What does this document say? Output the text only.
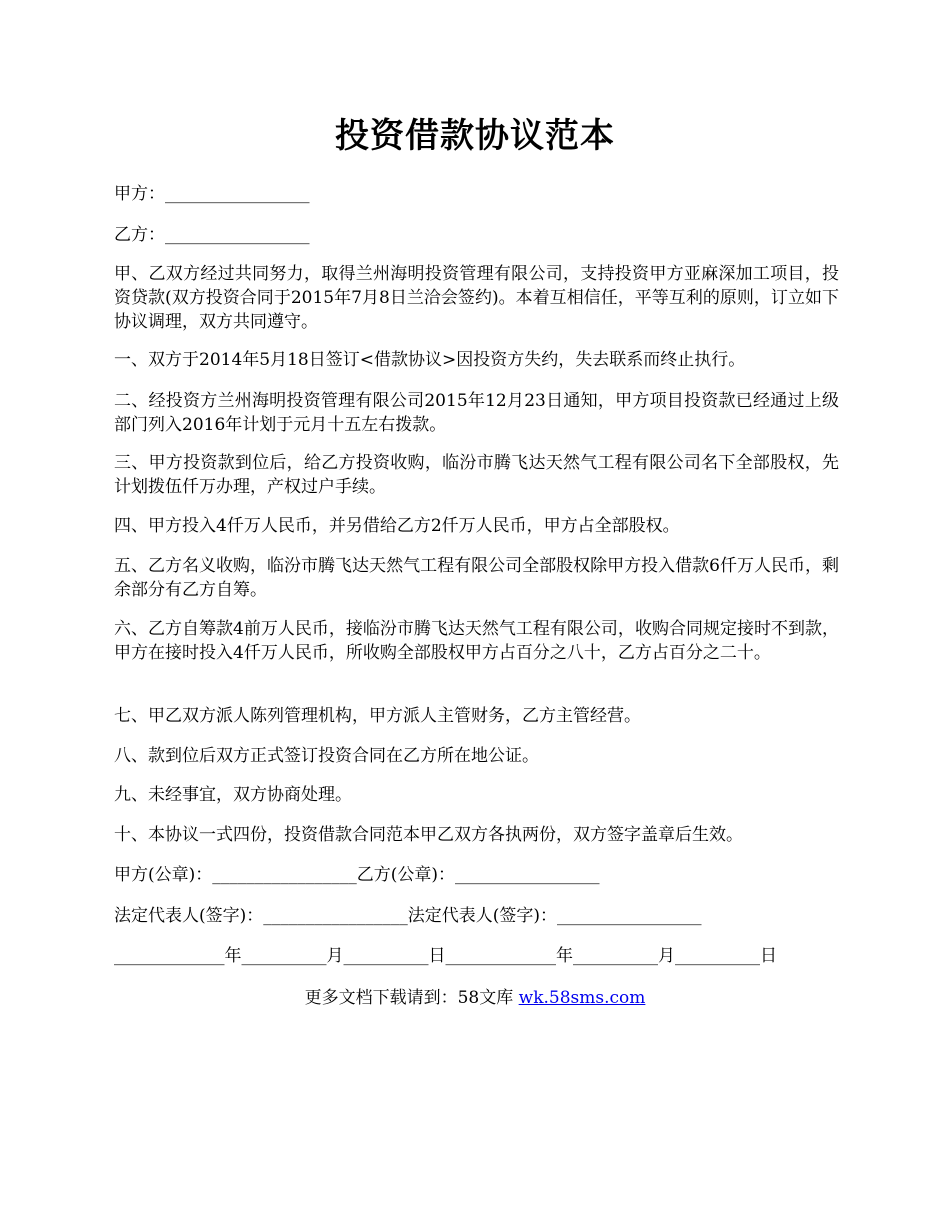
投资借款协议范本

甲方：_________________

乙方：_________________

甲、乙双方经过共同努力，取得兰州海明投资管理有限公司，支持投资甲方亚麻深加工项目，投资贷款(双方投资合同于2015年7月8日兰洽会签约)。本着互相信任，平等互利的原则，订立如下协议调理，双方共同遵守。

一、双方于2014年5月18日签订<借款协议>因投资方失约，失去联系而终止执行。

二、经投资方兰州海明投资管理有限公司2015年12月23日通知，甲方项目投资款已经通过上级部门列入2016年计划于元月十五左右拨款。

三、甲方投资款到位后，给乙方投资收购，临汾市腾飞达天然气工程有限公司名下全部股权，先计划拨伍仟万办理，产权过户手续。

四、甲方投入4仟万人民币，并另借给乙方2仟万人民币，甲方占全部股权。

五、乙方名义收购，临汾市腾飞达天然气工程有限公司全部股权除甲方投入借款6仟万人民币，剩余部分有乙方自筹。

六、乙方自筹款4前万人民币，接临汾市腾飞达天然气工程有限公司，收购合同规定接时不到款，甲方在接时投入4仟万人民币，所收购全部股权甲方占百分之八十，乙方占百分之二十。

七、甲乙双方派人陈列管理机构，甲方派人主管财务，乙方主管经营。

八、款到位后双方正式签订投资合同在乙方所在地公证。

九、未经事宜，双方协商处理。

十、本协议一式四份，投资借款合同范本甲乙双方各执两份，双方签字盖章后生效。

甲方(公章)：_________________乙方(公章)：_________________

法定代表人(签字)：_________________法定代表人(签字)：_________________

_____________年__________月__________日_____________年__________月__________日
更多文档下载请到：58文库 wk.58sms.com
